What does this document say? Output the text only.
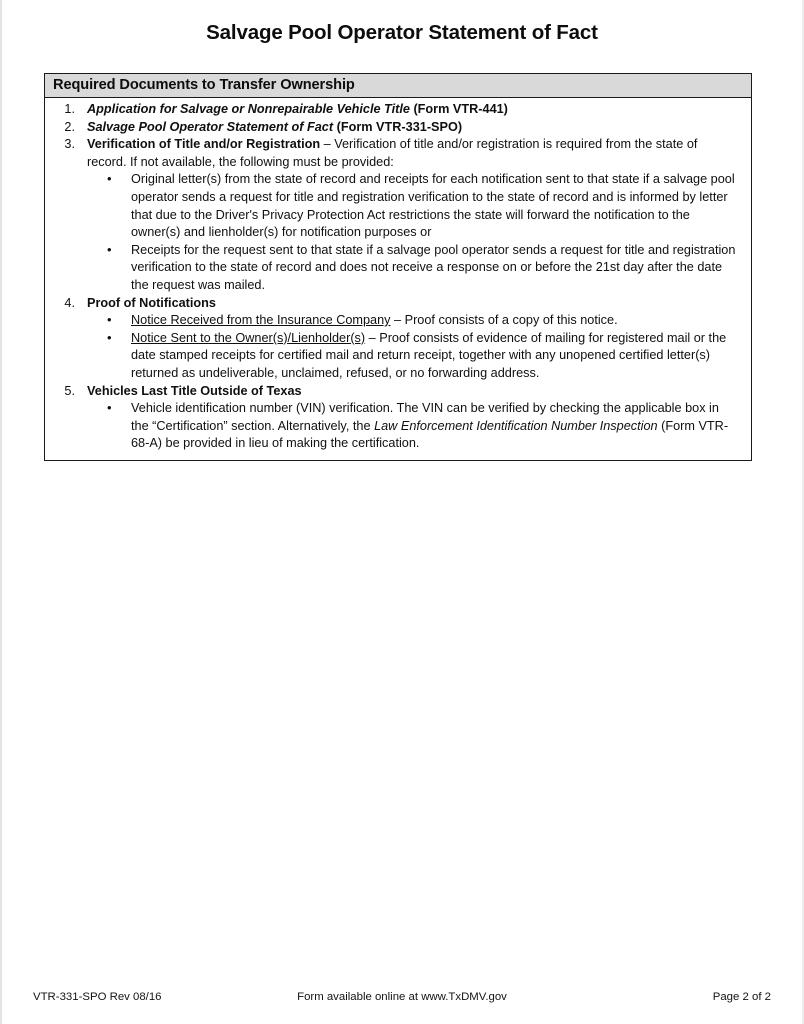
Salvage Pool Operator Statement of Fact
Required Documents to Transfer Ownership
1. Application for Salvage or Nonrepairable Vehicle Title (Form VTR-441)
2. Salvage Pool Operator Statement of Fact (Form VTR-331-SPO)
3. Verification of Title and/or Registration – Verification of title and/or registration is required from the state of record. If not available, the following must be provided:
• Original letter(s) from the state of record and receipts for each notification sent to that state if a salvage pool operator sends a request for title and registration verification to the state of record and is informed by letter that due to the Driver's Privacy Protection Act restrictions the state will forward the notification to the owner(s) and lienholder(s) for notification purposes or
• Receipts for the request sent to that state if a salvage pool operator sends a request for title and registration verification to the state of record and does not receive a response on or before the 21st day after the date the request was mailed.
4. Proof of Notifications
• Notice Received from the Insurance Company – Proof consists of a copy of this notice.
• Notice Sent to the Owner(s)/Lienholder(s) – Proof consists of evidence of mailing for registered mail or the date stamped receipts for certified mail and return receipt, together with any unopened certified letter(s) returned as undeliverable, unclaimed, refused, or no forwarding address.
5. Vehicles Last Title Outside of Texas
• Vehicle identification number (VIN) verification. The VIN can be verified by checking the applicable box in the “Certification” section. Alternatively, the Law Enforcement Identification Number Inspection (Form VTR-68-A) be provided in lieu of making the certification.
VTR-331-SPO Rev 08/16	Form available online at www.TxDMV.gov	Page 2 of 2
